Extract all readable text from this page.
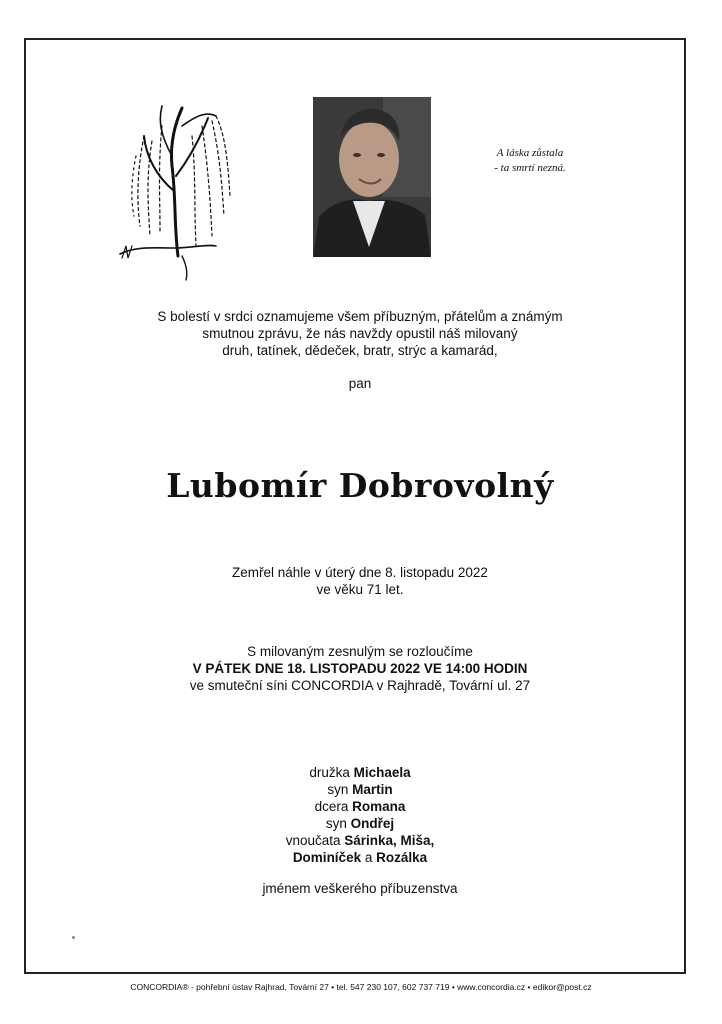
A láska zůstala
- ta smrtí nezná.
S bolestí v srdci oznamujeme všem příbuzným, přátelům a známým
smutnou zprávu, že nás navždy opustil náš milovaný
druh, tatínek, dědeček, bratr, strýc a kamarád,
pan
Lubomír Dobrovolný
Zemřel náhle v úterý dne 8. listopadu 2022
ve věku 71 let.
S milovaným zesnulým se rozloučíme
V PÁTEK DNE 18. LISTOPADU 2022 VE 14:00 HODIN
ve smuteční síni CONCORDIA v Rajhradě, Tovární ul. 27
družka Michaela
syn Martin
dcera Romana
syn Ondřej
vnoučata Sárinka, Miša,
Dominíček a Rozálka
jménem veškerého příbuzenstva
CONCORDIA® - pohřební ústav Rajhrad, Tovární 27 • tel. 547 230 107, 602 737 719 • www.concordia.cz • edikor@post.cz
